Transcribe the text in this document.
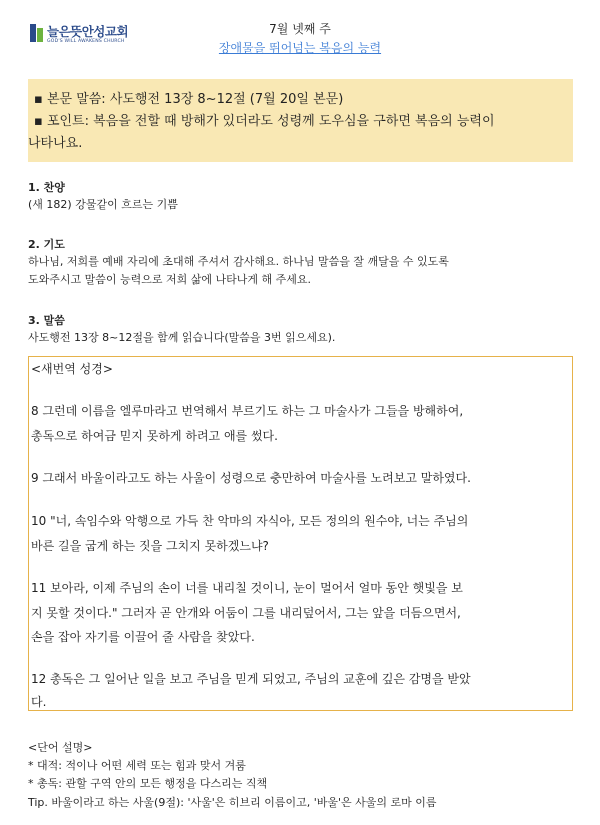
늘은뜻안성교회
GOD'S WILL AWAKENS CHURCH
7월 넷째 주
장애물을 뛰어넘는 복음의 능력

▪ 본문 말씀: 사도행전 13장 8~12절 (7월 20일 본문)

▪ 포인트: 복음을 전할 때 방해가 있더라도 성령께 도우심을 구하면 복음의 능력이

나타나요.

1. 찬양
(새 182) 강물같이 흐르는 기쁨
2. 기도
하나님, 저희를 예배 자리에 초대해 주셔서 감사해요. 하나님 말씀을 잘 깨달을 수 있도록
도와주시고 말씀이 능력으로 저희 삶에 나타나게 해 주세요.
3. 말씀
사도행전 13장 8~12절을 함께 읽습니다(말씀을 3번 읽으세요).

<새번역 성경>

8 그런데 이름을 엘루마라고 번역해서 부르기도 하는 그 마술사가 그들을 방해하여,

총독으로 하여금 믿지 못하게 하려고 애를 썼다.

9 그래서 바울이라고도 하는 사울이 성령으로 충만하여 마술사를 노려보고 말하였다.

10 "너, 속임수와 악행으로 가득 찬 악마의 자식아, 모든 정의의 원수야, 너는 주님의

바른 길을 굽게 하는 짓을 그치지 못하겠느냐?

11 보아라, 이제 주님의 손이 너를 내리칠 것이니, 눈이 멀어서 얼마 동안 햇빛을 보

지 못할 것이다." 그러자 곧 안개와 어둠이 그를 내리덮어서, 그는 앞을 더듬으면서,

손을 잡아 자기를 이끌어 줄 사람을 찾았다.

12 총독은 그 일어난 일을 보고 주님을 믿게 되었고, 주님의 교훈에 깊은 감명을 받았

다.

<단어 설명>
* 대적: 적이나 어떤 세력 또는 힘과 맞서 겨룸
* 총독: 관할 구역 안의 모든 행정을 다스리는 직책
Tip. 바울이라고 하는 사울(9절): '사울'은 히브리 이름이고, '바울'은 사울의 로마 이름
